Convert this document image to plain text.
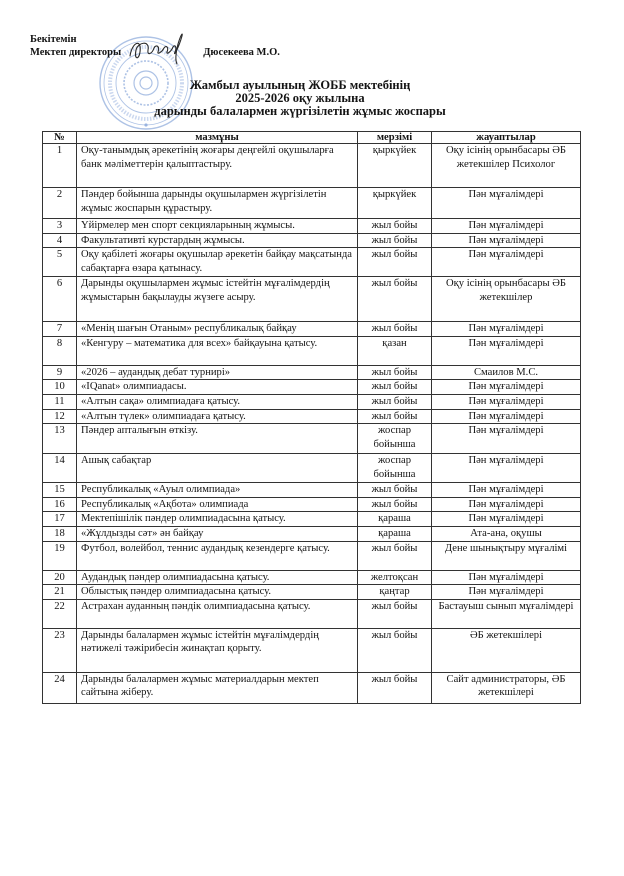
Бекітемін
Мектеп директоры	Дюсекеева М.О.
Жамбыл ауылының ЖОББ мектебінің
2025-2026 оқу жылына
дарынды балалармен жүргізілетін жұмыс жоспары
№	мазмұны	мерзімі	жауаптылар
1	Оқу-танымдық әрекетінің жоғары деңгейлі оқушыларға банк мәліметтерін қалыптастыру.	қыркүйек	Оқу ісінің орынбасары ӘБ жетекшілер Психолог
2	Пәндер бойынша дарынды оқушылармен жүргізілетін жұмыс жоспарын құрастыру.	қыркүйек	Пән мұғалімдері
3	Үйірмелер мен спорт секцияларының жұмысы.	жыл бойы	Пән мұғалімдері
4	Факультативті курстардың жұмысы.	жыл бойы	Пән мұғалімдері
5	Оқу қабілеті жоғары оқушылар әрекетін байқау мақсатында сабақтарға өзара қатынасу.	жыл бойы	Пән мұғалімдері
6	Дарынды оқушылармен жұмыс істейтін мұғалімдердің жұмыстарын бақылауды жүзеге асыру.	жыл бойы	Оқу ісінің орынбасары ӘБ жетекшілер
7	«Менің шағын Отаным» республикалық байқау	жыл бойы	Пән мұғалімдері
8	«Кенгуру – математика для всех» байқауына қатысу.	қазан	Пән мұғалімдері
9	«2026 – аудандық дебат турнирі»	жыл бойы	Смаилов М.С.
10	«IQanat» олимпиадасы.	жыл бойы	Пән мұғалімдері
11	«Алтын сақа» олимпиадаға қатысу.	жыл бойы	Пән мұғалімдері
12	«Алтын түлек» олимпиадаға қатысу.	жыл бойы	Пән мұғалімдері
13	Пәндер апталығын өткізу.	жоспар бойынша	Пән мұғалімдері
14	Ашық сабақтар	жоспар бойынша	Пән мұғалімдері
15	Республикалық «Ауыл олимпиада»	жыл бойы	Пән мұғалімдері
16	Республикалық «Ақбота» олимпиада	жыл бойы	Пән мұғалімдері
17	Мектепішілік пәндер олимпиадасына қатысу.	қараша	Пән мұғалімдері
18	«Жұлдызды сәт» ән байқау	қараша	Ата-ана, оқушы
19	Футбол, волейбол, теннис аудандық кезендерге қатысу.	жыл бойы	Дене шынықтыру мұғалімі
20	Аудандық пәндер олимпиадасына қатысу.	желтоқсан	Пән мұғалімдері
21	Облыстық пәндер олимпиадасына қатысу.	қаңтар	Пән мұғалімдері
22	Астрахан ауданның пәндік олимпиадасына қатысу.	жыл бойы	Бастауыш сынып мұғалімдері
23	Дарынды балалармен жұмыс істейтін мұғалімдердің нәтижелі тәжірибесін жинақтап қорыту.	жыл бойы	ӘБ жетекшілері
24	Дарынды балалармен жұмыс материалдарын мектеп сайтына жіберу.	жыл бойы	Сайт администраторы, ӘБ жетекшілері
